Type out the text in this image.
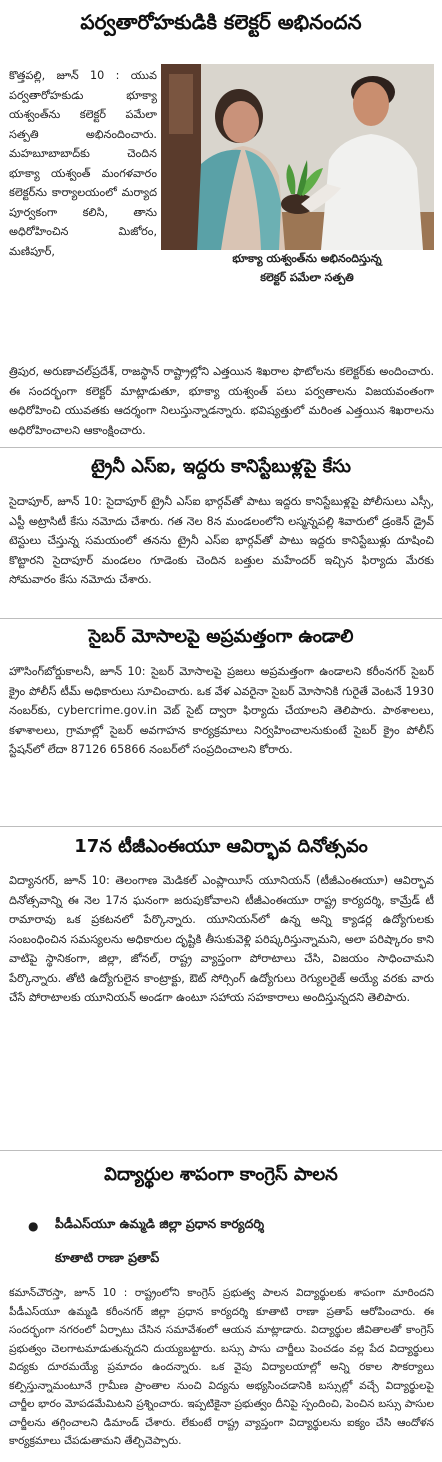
పర్వతారోహకుడికి కలెక్టర్ అభినందన
కొత్తపల్లి, జూన్ 10 : యువ పర్వతారోహకుడు భూక్యా యశ్వంత్‌ను కలెక్టర్ పమేలా సత్పతి అభినందించారు. మహబూబాబాద్‌కు చెందిన భూక్యా యశ్వంత్ మంగళవారం కలెక్టర్‌ను కార్యాలయంలో మర్యాద పూర్వకంగా కలిసి, తాను అధిరోహించిన మిజోరం, మణిపూర్,
భూక్యా యశ్వంత్‌ను అభినందిస్తున్న
కలెక్టర్ పమేలా సత్పతి
త్రిపుర, అరుణాచల్‌ప్రదేశ్, రాజస్థాన్ రాష్ట్రాల్లోని ఎత్తయిన శిఖరాల ఫొటోలను కలెక్టర్‌కు అందించారు. ఈ సందర్భంగా కలెక్టర్ మాట్లాడుతూ, భూక్యా యశ్వంత్ పలు పర్వతాలను విజయవంతంగా అధిరోహించి యువతకు ఆదర్శంగా నిలుస్తున్నాడన్నారు. భవిష్యత్తులో మరింత ఎత్తయిన శిఖరాలను అధిరోహించాలని ఆకాంక్షించారు.
ట్రైనీ ఎస్ఐ, ఇద్దరు కానిస్టేబుళ్లపై కేసు
సైదాపూర్, జూన్ 10: సైదాపూర్ ట్రైనీ ఎస్ఐ భార్గవ్‌తో పాటు ఇద్దరు కానిస్టేబుళ్లపై పోలీసులు ఎస్సీ, ఎస్టీ అట్రాసిటీ కేసు నమోదు చేశారు. గత నెల 8న మండలంలోని లస్మన్నపల్లి శివారులో డ్రంకెన్ డ్రైవ్ టెస్టులు చేస్తున్న సమయంలో తనను ట్రైనీ ఎస్ఐ భార్గవ్‌తో పాటు ఇద్దరు కానిస్టేబుళ్లు దూషించి కొట్టారని సైదాపూర్ మండలం గూడెంకు చెందిన బత్తుల మహేందర్ ఇచ్చిన ఫిర్యాదు మేరకు సోమవారం కేసు నమోదు చేశారు.
సైబర్ మోసాలపై అప్రమత్తంగా ఉండాలి
హౌసింగ్‌బోర్డుకాలనీ, జూన్ 10: సైబర్ మోసాలపై ప్రజలు అప్రమత్తంగా ఉండాలని కరీంనగర్ సైబర్ క్రైం పోలీస్ టీమ్ అధికారులు సూచించారు. ఒక వేళ ఎవరైనా సైబర్ మోసానికి గురైతే వెంటనే 1930 నంబర్‌కు, cybercrime.gov.in వెబ్ సైట్ ద్వారా ఫిర్యాదు చేయాలని తెలిపారు. పాఠశాలలు, కళాశాలలు, గ్రామాల్లో సైబర్ అవగాహన కార్యక్రమాలు నిర్వహించాలనుకుంటే సైబర్ క్రైం పోలీస్ స్టేషన్‌లో లేదా 87126 65866 నంబర్‌లో సంప్రదించాలని కోరారు.
17న టీజీఎంఈయూ ఆవిర్భావ దినోత్సవం
విద్యానగర్, జూన్ 10: తెలంగాణ మెడికల్ ఎంప్లాయీస్ యూనియన్ (టీజీఎంఈయూ) ఆవిర్భావ దినోత్సవాన్ని ఈ నెల 17న ఘనంగా జరుపుకోవాలని టీజీఎంఈయూ రాష్ట్ర కార్యదర్శి, కామ్రేడ్ టీ రామారావు ఒక ప్రకటనలో పేర్కొన్నారు. యూనియన్‌లో ఉన్న అన్ని క్యాడర్ల ఉద్యోగులకు సంబంధించిన సమస్యలను అధికారుల దృష్టికి తీసుకువెళ్లి పరిష్కరిస్తున్నామని, అలా పరిష్కారం కాని వాటిపై స్థానికంగా, జిల్లా, జోనల్, రాష్ట్ర వ్యాప్తంగా పోరాటాలు చేసి, విజయం సాధించామని పేర్కొన్నారు. తోటి ఉద్యోగులైన కాంట్రాక్టు, ఔట్ సోర్సింగ్ ఉద్యోగులు రెగ్యులరైజ్ అయ్యే వరకు వారు చేసే పోరాటాలకు యూనియన్ అండగా ఉంటూ సహాయ సహకారాలు అందిస్తున్నదని తెలిపారు.
విద్యార్థుల శాపంగా కాంగ్రెస్ పాలన
● పీడీఎస్‌యూ ఉమ్మడి జిల్లా ప్రధాన కార్యదర్శి
కూతాటి రాణా ప్రతాప్
కమాన్‌చౌరస్తా, జూన్ 10 : రాష్ట్రంలోని కాంగ్రెస్ ప్రభుత్వ పాలన విద్యార్థులకు శాపంగా మారిందని పీడీఎస్‌యూ ఉమ్మడి కరీంనగర్ జిల్లా ప్రధాన కార్యదర్శి కూతాటి రాణా ప్రతాప్ ఆరోపించారు. ఈ సందర్భంగా నగరంలో ఏర్పాటు చేసిన సమావేశంలో ఆయన మాట్లాడారు. విద్యార్థుల జీవితాలతో కాంగ్రెస్ ప్రభుత్వం చెలగాటమాడుతున్నదని దుయ్యబట్టారు. బస్సు పాసు చార్జీలు పెంచడం వల్ల పేద విద్యార్థులు విద్యకు దూరమయ్యే ప్రమాదం ఉందన్నారు. ఒక వైపు విద్యాలయాల్లో అన్ని రకాల సౌకర్యాలు కల్పిస్తున్నామంటూనే గ్రామీణ ప్రాంతాల నుంచి విద్యను అభ్యసించడానికి బస్సుల్లో వచ్చే విద్యార్థులపై చార్జీల భారం మోపడమేమిటని ప్రశ్నించారు. ఇప్పటికైనా ప్రభుత్వం దీనిపై స్పందించి, పెంచిన బస్సు పాసుల చార్జీలను తగ్గించాలని డిమాండ్ చేశారు. లేకుంటే రాష్ట్ర వ్యాప్తంగా విద్యార్థులను ఐక్యం చేసి ఆందోళన కార్యక్రమాలు చేపడుతామని తేల్చిచెప్పారు.
